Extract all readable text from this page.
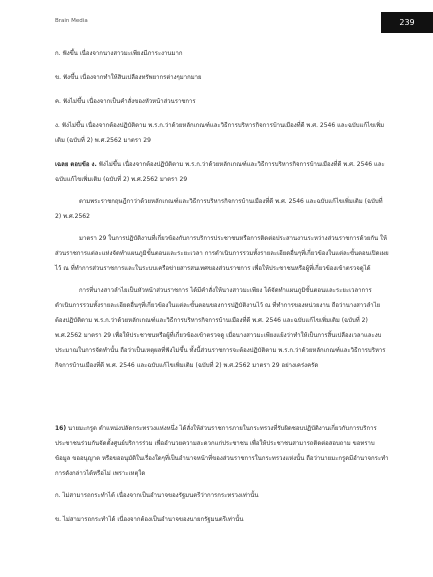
Brain Media	239

ก. ฟังขึ้น เนื่องจากนางสาวมะเพียงมีภาระงานมาก

ข. ฟังขึ้น เนื่องจากทำให้สินเปลืองทรัพยากรต่างๆมากมาย

ค. ฟังไม่ขึ้น เนื่องจากเป็นคำสั่งของหัวหน้าส่วนราชการ

ง. ฟังไม่ขึ้น เนื่องจากต้องปฏิบัติตาม พ.ร.ก.ว่าด้วยหลักเกณฑ์และวิธีการบริหารกิจการบ้านเมืองที่ดี พ.ศ. 2546 และฉบับแก้ไขเพิ่มเติม (ฉบับที่ 2) พ.ศ.2562 มาตรา 29

เฉลย ตอบข้อ ง. ฟังไม่ขึ้น เนื่องจากต้องปฏิบัติตาม พ.ร.ก.ว่าด้วยหลักเกณฑ์และวิธีการบริหารกิจการบ้านเมืองที่ดี พ.ศ. 2546 และฉบับแก้ไขเพิ่มเติม (ฉบับที่ 2) พ.ศ.2562 มาตรา 29

ตามพระราชกฤษฎีกาว่าด้วยหลักเกณฑ์และวิธีการบริหารกิจการบ้านเมืองที่ดี พ.ศ. 2546 และฉบับแก้ไขเพิ่มเติม (ฉบับที่ 2) พ.ศ.2562

มาตรา 29 ในการปฏิบัติงานที่เกี่ยวข้องกับการบริการประชาชนหรือการติดต่อประสานงานระหว่างส่วนราชการด้วยกัน ให้ส่วนราชการแต่ละแห่งจัดทำแผนภูมิขั้นตอนและระยะเวลา การดำเนินการรวมทั้งรายละเอียดอื่นๆที่เกี่ยวข้องในแต่ละขั้นตอนเปิดเผยไว้ ณ ที่ทำการส่วนราชการและในระบบเครือข่ายสารสนเทศของส่วนราชการ เพื่อให้ประชาชนหรือผู้ที่เกี่ยวข้องเข้าตรวจดูได้

การที่นางสาวลำไยเป็นหัวหน้าส่วนราชการ ได้มีคำสั่งให้นางสาวมะเพียง ได้จัดทำแผนภูมิขั้นตอนและระยะเวลาการดำเนินการรวมทั้งรายละเอียดอื่นๆที่เกี่ยวข้องในแต่ละขั้นตอนของการปฏิบัติงานไว้ ณ ที่ทำการของหน่วยงาน ถือว่านางสาวลำไย ต้องปฏิบัติตาม พ.ร.ก.ว่าด้วยหลักเกณฑ์และวิธีการบริหารกิจการบ้านเมืองที่ดี พ.ศ. 2546 และฉบับแก้ไขเพิ่มเติม (ฉบับที่ 2) พ.ศ.2562 มาตรา 29 เพื่อให้ประชาชนหรือผู้ที่เกี่ยวข้องเข้าตรวจดู เมื่อนางสาวมะเพียงแย้งว่าทำให้เป็นการสิ้นเปลืองเวลาและงบประมาณในการจัดทำนั้น ถือว่าเป็นเหตุผลที่ฟังไม่ขึ้น ทั้งนี้ส่วนราชการจะต้องปฏิบัติตาม พ.ร.ก.ว่าด้วยหลักเกณฑ์และวิธีการบริหารกิจการบ้านเมืองที่ดี พ.ศ. 2546 และฉบับแก้ไขเพิ่มเติม (ฉบับที่ 2) พ.ศ.2562 มาตรา 29 อย่างเคร่งครัด

16) นายมะกรูด ตำแหน่งปลัดกระทรวงแห่งหนึ่ง ได้สั่งให้ส่วนราชการภายในกระทรวงที่รับผิดชอบปฏิบัติงานเกี่ยวกับการบริการประชาชนร่วมกันจัดตั้งศูนย์บริการร่วม เพื่ออำนวยความสะดวกแก่ประชาชน เพื่อให้ประชาชนสามารถติดต่อสอบถาม ขอทราบข้อมูล ขออนุญาต หรือขออนุมัติในเรื่องใดๆที่เป็นอำนาจหน้าที่ของส่วนราชการในกระทรวงแห่งนั้น ถือว่านายมะกรูดมีอำนาจกระทำการดังกล่าวได้หรือไม่ เพราะเหตุใด

ก. ไม่สามารถกระทำได้ เนื่องจากเป็นอำนาจของรัฐมนตรีว่าการกระทรวงเท่านั้น

ข. ไม่สามารถกระทำได้ เนื่องจากต้องเป็นอำนาจของนายกรัฐมนตรีเท่านั้น
